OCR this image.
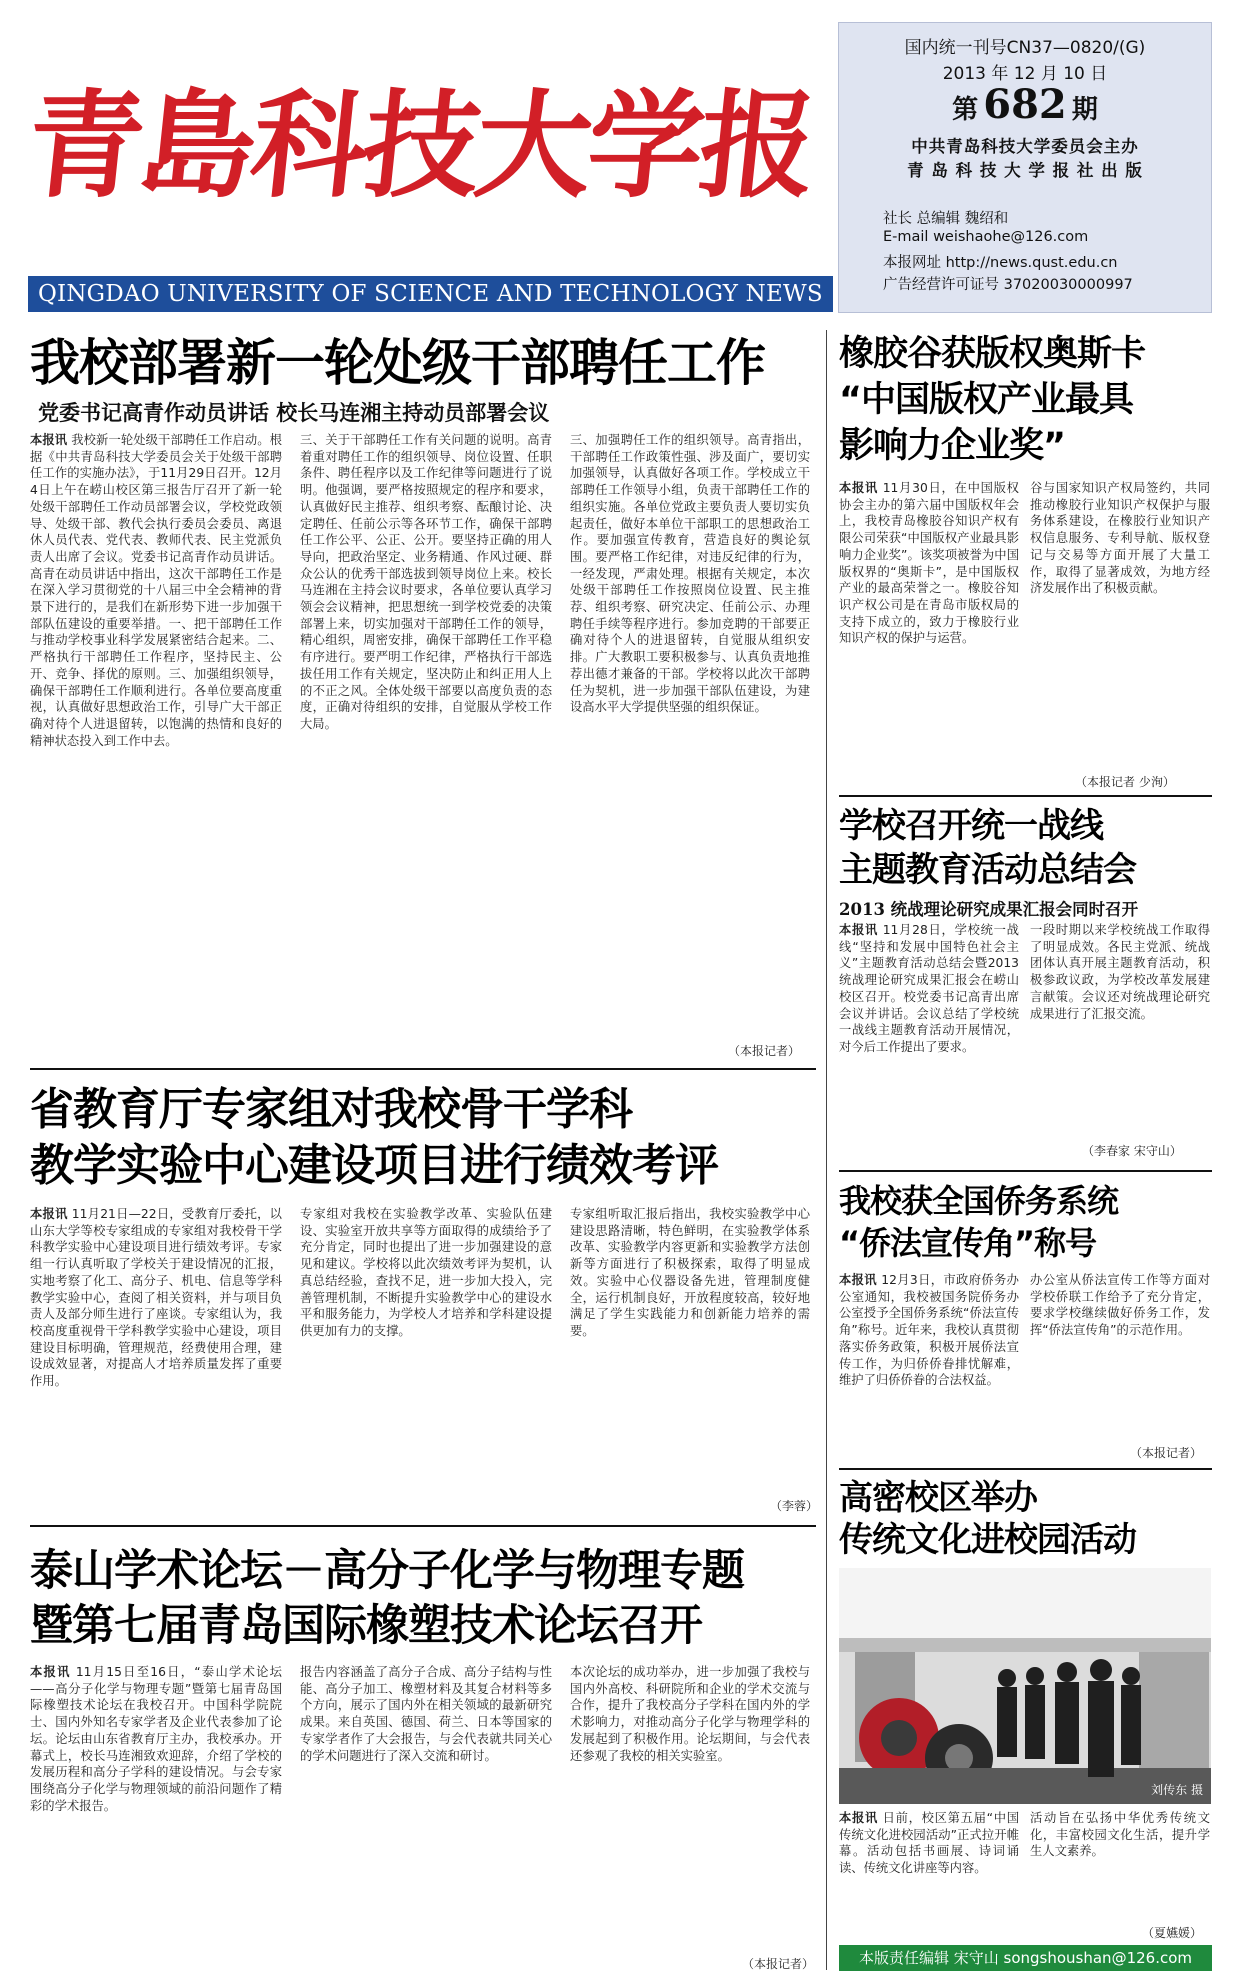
青島科技大学报
QINGDAO UNIVERSITY OF SCIENCE AND TECHNOLOGY NEWS
国内统一刊号CN37—0820/(G)
2013 年 12 月 10 日
第 682 期
中共青岛科技大学委员会主办
青 岛 科 技 大 学 报 社 出 版
社长 总编辑 魏绍和
E-mail weishaohe@126.com
本报网址 http://news.qust.edu.cn
广告经营许可证号 37020030000997
我校部署新一轮处级干部聘任工作
党委书记高青作动员讲话 校长马连湘主持动员部署会议
本报讯 我校新一轮处级干部聘任工作启动。根据《中共青岛科技大学委员会关于处级干部聘任工作的实施办法》，于11月29日召开。12月4日上午在崂山校区第三报告厅召开了新一轮处级干部聘任工作动员部署会议，学校党政领导、处级干部、教代会执行委员会委员、离退休人员代表、党代表、教师代表、民主党派负责人出席了会议。党委书记高青作动员讲话。高青在动员讲话中指出，这次干部聘任工作是在深入学习贯彻党的十八届三中全会精神的背景下进行的，是我们在新形势下进一步加强干部队伍建设的重要举措。一、把干部聘任工作与推动学校事业科学发展紧密结合起来。二、严格执行干部聘任工作程序，坚持民主、公开、竞争、择优的原则。三、加强组织领导，确保干部聘任工作顺利进行。各单位要高度重视，认真做好思想政治工作，引导广大干部正确对待个人进退留转，以饱满的热情和良好的精神状态投入到工作中去。
三、关于干部聘任工作有关问题的说明。高青着重对聘任工作的组织领导、岗位设置、任职条件、聘任程序以及工作纪律等问题进行了说明。他强调，要严格按照规定的程序和要求，认真做好民主推荐、组织考察、酝酿讨论、决定聘任、任前公示等各环节工作，确保干部聘任工作公平、公正、公开。要坚持正确的用人导向，把政治坚定、业务精通、作风过硬、群众公认的优秀干部选拔到领导岗位上来。校长马连湘在主持会议时要求，各单位要认真学习领会会议精神，把思想统一到学校党委的决策部署上来，切实加强对干部聘任工作的领导，精心组织，周密安排，确保干部聘任工作平稳有序进行。要严明工作纪律，严格执行干部选拔任用工作有关规定，坚决防止和纠正用人上的不正之风。全体处级干部要以高度负责的态度，正确对待组织的安排，自觉服从学校工作大局。
三、加强聘任工作的组织领导。高青指出，干部聘任工作政策性强、涉及面广，要切实加强领导，认真做好各项工作。学校成立干部聘任工作领导小组，负责干部聘任工作的组织实施。各单位党政主要负责人要切实负起责任，做好本单位干部职工的思想政治工作。要加强宣传教育，营造良好的舆论氛围。要严格工作纪律，对违反纪律的行为，一经发现，严肃处理。根据有关规定，本次处级干部聘任工作按照岗位设置、民主推荐、组织考察、研究决定、任前公示、办理聘任手续等程序进行。参加竞聘的干部要正确对待个人的进退留转，自觉服从组织安排。广大教职工要积极参与、认真负责地推荐出德才兼备的干部。学校将以此次干部聘任为契机，进一步加强干部队伍建设，为建设高水平大学提供坚强的组织保证。
（本报记者）
省教育厅专家组对我校骨干学科
教学实验中心建设项目进行绩效考评
本报讯 11月21日—22日，受教育厅委托，以山东大学等校专家组成的专家组对我校骨干学科教学实验中心建设项目进行绩效考评。专家组一行认真听取了学校关于建设情况的汇报，实地考察了化工、高分子、机电、信息等学科教学实验中心，查阅了相关资料，并与项目负责人及部分师生进行了座谈。专家组认为，我校高度重视骨干学科教学实验中心建设，项目建设目标明确，管理规范，经费使用合理，建设成效显著，对提高人才培养质量发挥了重要作用。
专家组对我校在实验教学改革、实验队伍建设、实验室开放共享等方面取得的成绩给予了充分肯定，同时也提出了进一步加强建设的意见和建议。学校将以此次绩效考评为契机，认真总结经验，查找不足，进一步加大投入，完善管理机制，不断提升实验教学中心的建设水平和服务能力，为学校人才培养和学科建设提供更加有力的支撑。
专家组听取汇报后指出，我校实验教学中心建设思路清晰，特色鲜明，在实验教学体系改革、实验教学内容更新和实验教学方法创新等方面进行了积极探索，取得了明显成效。实验中心仪器设备先进，管理制度健全，运行机制良好，开放程度较高，较好地满足了学生实践能力和创新能力培养的需要。
（李蓉）
泰山学术论坛－高分子化学与物理专题
暨第七届青岛国际橡塑技术论坛召开
本报讯 11月15日至16日，“泰山学术论坛——高分子化学与物理专题”暨第七届青岛国际橡塑技术论坛在我校召开。中国科学院院士、国内外知名专家学者及企业代表参加了论坛。论坛由山东省教育厅主办，我校承办。开幕式上，校长马连湘致欢迎辞，介绍了学校的发展历程和高分子学科的建设情况。与会专家围绕高分子化学与物理领域的前沿问题作了精彩的学术报告。
报告内容涵盖了高分子合成、高分子结构与性能、高分子加工、橡塑材料及其复合材料等多个方向，展示了国内外在相关领域的最新研究成果。来自英国、德国、荷兰、日本等国家的专家学者作了大会报告，与会代表就共同关心的学术问题进行了深入交流和研讨。
本次论坛的成功举办，进一步加强了我校与国内外高校、科研院所和企业的学术交流与合作，提升了我校高分子学科在国内外的学术影响力，对推动高分子化学与物理学科的发展起到了积极作用。论坛期间，与会代表还参观了我校的相关实验室。
（本报记者）
橡胶谷获版权奥斯卡
“中国版权产业最具
影响力企业奖”
本报讯 11月30日，在中国版权协会主办的第六届中国版权年会上，我校青岛橡胶谷知识产权有限公司荣获“中国版权产业最具影响力企业奖”。该奖项被誉为中国版权界的“奥斯卡”，是中国版权产业的最高荣誉之一。橡胶谷知识产权公司是在青岛市版权局的支持下成立的，致力于橡胶行业知识产权的保护与运营。
谷与国家知识产权局签约，共同推动橡胶行业知识产权保护与服务体系建设，在橡胶行业知识产权信息服务、专利导航、版权登记与交易等方面开展了大量工作，取得了显著成效，为地方经济发展作出了积极贡献。
（本报记者 少洵）
学校召开统一战线
主题教育活动总结会
2013 统战理论研究成果汇报会同时召开
本报讯 11月28日，学校统一战线“坚持和发展中国特色社会主义”主题教育活动总结会暨2013统战理论研究成果汇报会在崂山校区召开。校党委书记高青出席会议并讲话。会议总结了学校统一战线主题教育活动开展情况，对今后工作提出了要求。
一段时期以来学校统战工作取得了明显成效。各民主党派、统战团体认真开展主题教育活动，积极参政议政，为学校改革发展建言献策。会议还对统战理论研究成果进行了汇报交流。
（李春家 宋守山）
我校获全国侨务系统
“侨法宣传角”称号
本报讯 12月3日，市政府侨务办公室通知，我校被国务院侨务办公室授予全国侨务系统“侨法宣传角”称号。近年来，我校认真贯彻落实侨务政策，积极开展侨法宣传工作，为归侨侨眷排忧解难，维护了归侨侨眷的合法权益。
办公室从侨法宣传工作等方面对学校侨联工作给予了充分肯定，要求学校继续做好侨务工作，发挥“侨法宣传角”的示范作用。
（本报记者）
高密校区举办
传统文化进校园活动
刘传东 摄
本报讯 日前，校区第五届“中国传统文化进校园活动”正式拉开帷幕。活动包括书画展、诗词诵读、传统文化讲座等内容。
活动旨在弘扬中华优秀传统文化，丰富校园文化生活，提升学生人文素养。
（夏嬿媛）
本版责任编辑 宋守山 songshoushan@126.com
